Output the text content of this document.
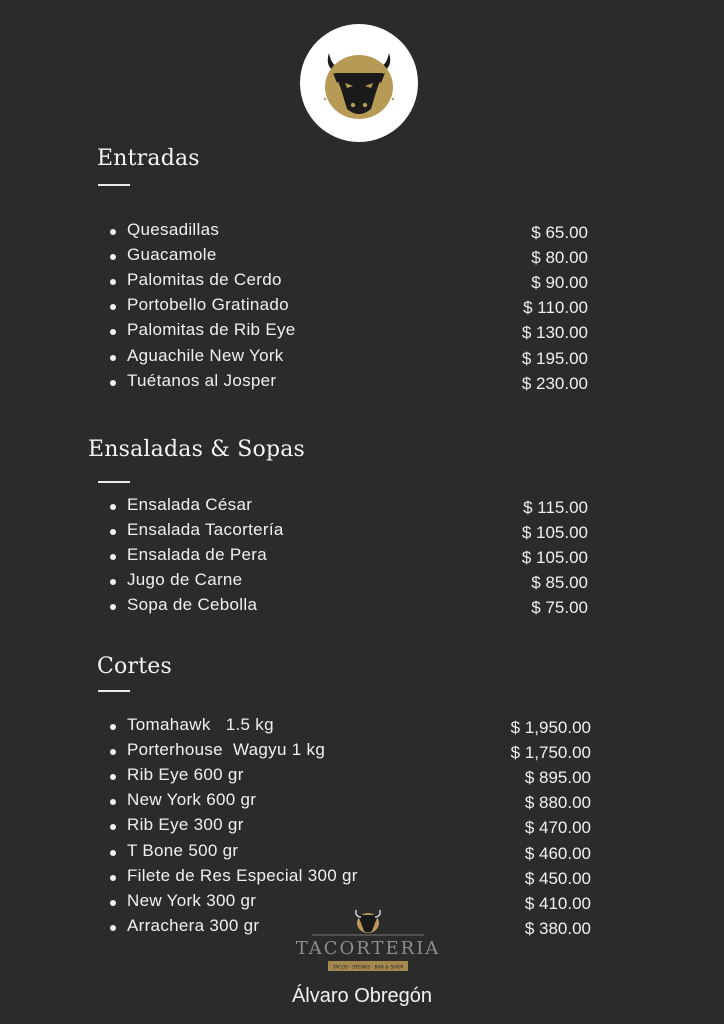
Entradas
Quesadillas	$ 65.00
Guacamole	$ 80.00
Palomitas de Cerdo	$ 90.00
Portobello Gratinado	$ 110.00
Palomitas de Rib Eye	$ 130.00
Aguachile New York	$ 195.00
Tuétanos al Josper	$ 230.00
Ensaladas & Sopas
Ensalada César	$ 115.00
Ensalada Tacortería	$ 105.00
Ensalada de Pera	$ 105.00
Jugo de Carne	$ 85.00
Sopa de Cebolla	$ 75.00
Cortes
Tomahawk   1.5 kg	$ 1,950.00
Porterhouse  Wagyu 1 kg	$ 1,750.00
Rib Eye 600 gr	$ 895.00
New York 600 gr	$ 880.00
Rib Eye 300 gr	$ 470.00
T Bone 500 gr	$ 460.00
Filete de Res Especial 300 gr	$ 450.00
New York 300 gr	$ 410.00
Arrachera 300 gr	$ 380.00
TACORTERIA
TACOS · STEAKS · BAR & SHOP
Álvaro Obregón
